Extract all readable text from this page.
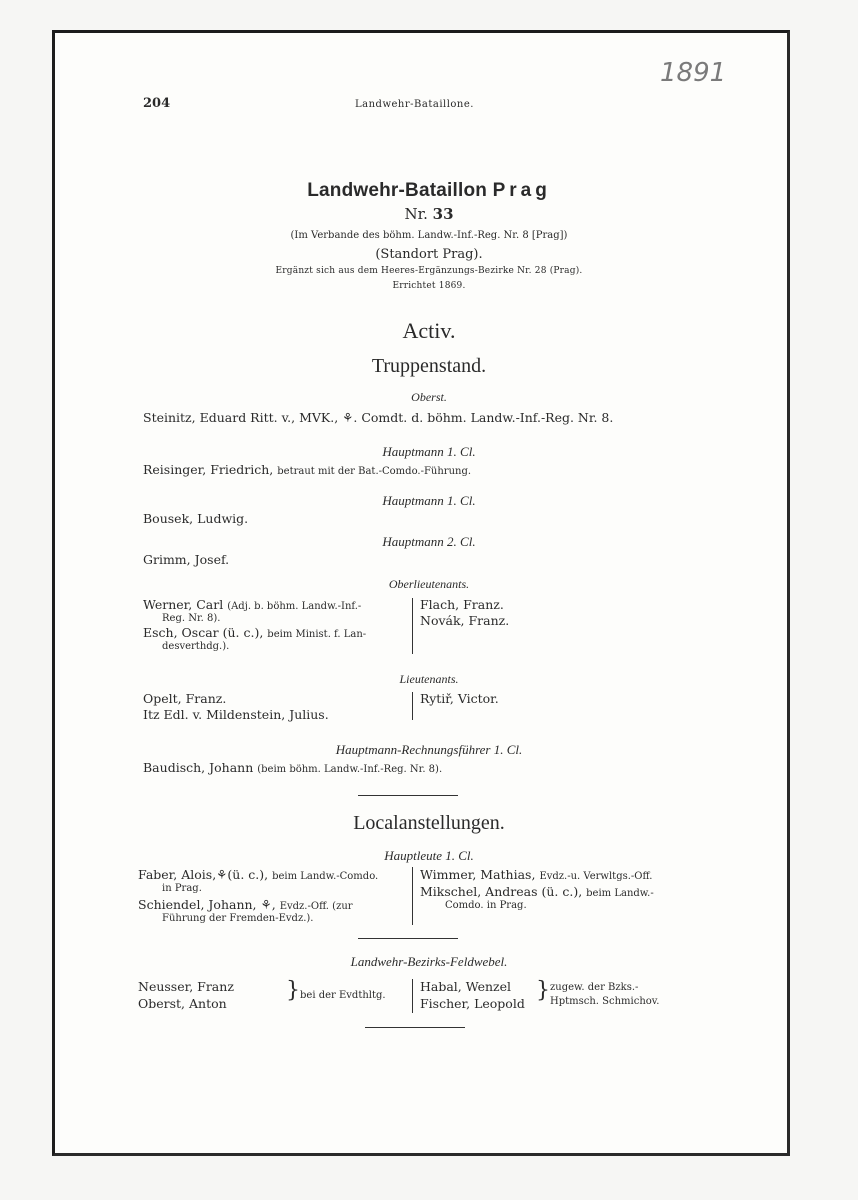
1891
204	Landwehr-Bataillone.
Landwehr-Bataillon Prag
Nr. 33
(Im Verbande des böhm. Landw.-Inf.-Reg. Nr. 8 [Prag])
(Standort Prag).
Ergänzt sich aus dem Heeres-Ergänzungs-Bezirke Nr. 28 (Prag).
Errichtet 1869.
Activ.
Truppenstand.
Oberst.
Steinitz, Eduard Ritt. v., MVK., ⚘. Comdt. d. böhm. Landw.-Inf.-Reg. Nr. 8.
Hauptmann 1. Cl.
Reisinger, Friedrich, betraut mit der Bat.-Comdo.-Führung.
Hauptmann 1. Cl.
Bousek, Ludwig.
Hauptmann 2. Cl.
Grimm, Josef.
Oberlieutenants.
Werner, Carl (Adj. b. böhm. Landw.-Inf.-
Reg. Nr. 8).
Esch, Oscar (ü. c.), beim Minist. f. Lan-
desverthdg.).
Flach, Franz.
Novák, Franz.
Lieutenants.
Opelt, Franz.
Itz Edl. v. Mildenstein, Julius.
Rytiř, Victor.
Hauptmann-Rechnungsführer 1. Cl.
Baudisch, Johann (beim böhm. Landw.-Inf.-Reg. Nr. 8).
Localanstellungen.
Hauptleute 1. Cl.
Faber, Alois,⚘(ü. c.), beim Landw.-Comdo.
in Prag.
Schiendel, Johann, ⚘, Evdz.-Off. (zur
Führung der Fremden-Evdz.).
Wimmer, Mathias, Evdz.-u. Verwltgs.-Off.
Mikschel, Andreas (ü. c.), beim Landw.-
Comdo. in Prag.
Landwehr-Bezirks-Feldwebel.
Neusser, Franz
Oberst, Anton
} bei der Evdthltg.
Habal, Wenzel
Fischer, Leopold
} zugew. der Bzks.-
Hptmsch. Schmichov.
